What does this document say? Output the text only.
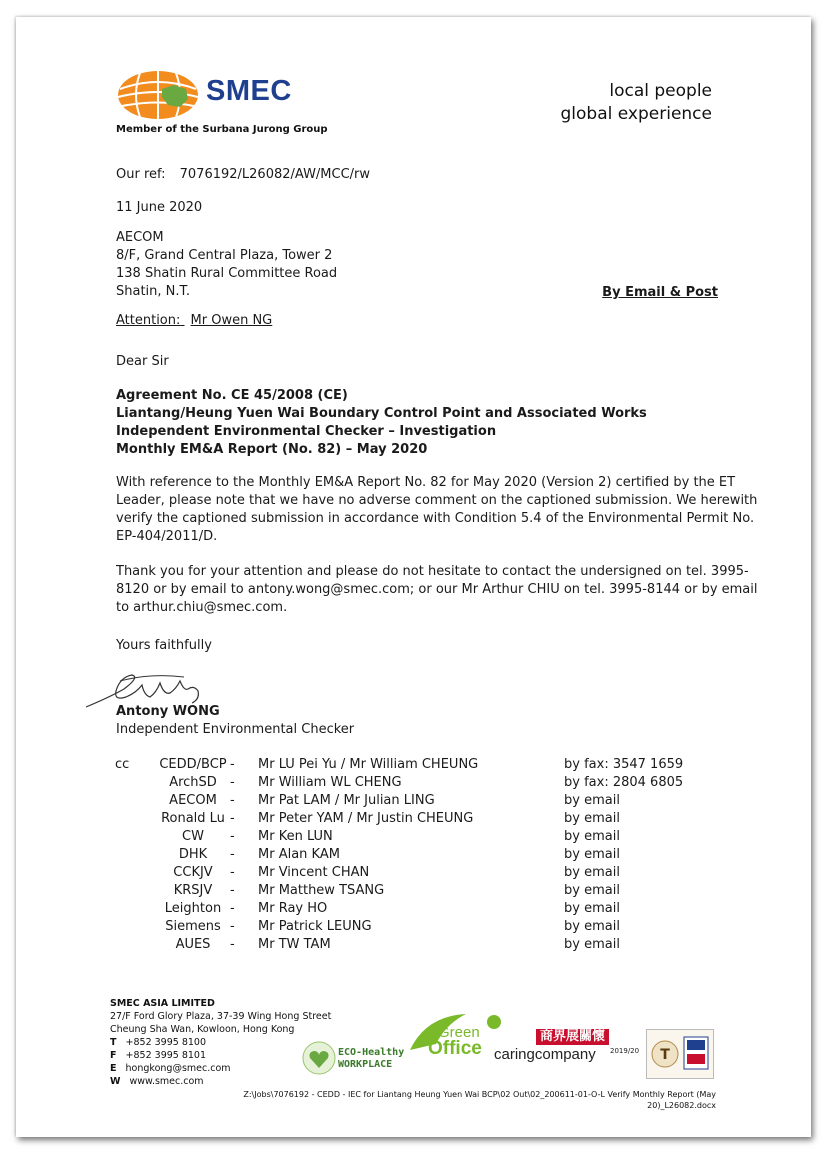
SMEC
Member of the Surbana Jurong Group
local people
global experience
Our ref: 7076192/L26082/AW/MCC/rw
11 June 2020
AECOM
8/F, Grand Central Plaza, Tower 2
138 Shatin Rural Committee Road
Shatin, N.T.	By Email & Post
Attention: Mr Owen NG
Dear Sir
Agreement No. CE 45/2008 (CE)
Liantang/Heung Yuen Wai Boundary Control Point and Associated Works
Independent Environmental Checker – Investigation
Monthly EM&A Report (No. 82) – May 2020
With reference to the Monthly EM&A Report No. 82 for May 2020 (Version 2) certified by the ET
Leader, please note that we have no adverse comment on the captioned submission. We herewith
verify the captioned submission in accordance with Condition 5.4 of the Environmental Permit No.
EP-404/2011/D.
Thank you for your attention and please do not hesitate to contact the undersigned on tel. 3995-
8120 or by email to antony.wong@smec.com; or our Mr Arthur CHIU on tel. 3995-8144 or by email
to arthur.chiu@smec.com.
Yours faithfully
Antony WONG
Independent Environmental Checker
cc	CEDD/BCP - Mr LU Pei Yu / Mr William CHEUNG	by fax: 3547 1659
ArchSD	- Mr William WL CHENG	by fax: 2804 6805
AECOM	- Mr Pat LAM / Mr Julian LING	by email
Ronald Lu - Mr Peter YAM / Mr Justin CHEUNG	by email
CW	- Mr Ken LUN	by email
DHK	- Mr Alan KAM	by email
CCKJV	- Mr Vincent CHAN	by email
KRSJV	- Mr Matthew TSANG	by email
Leighton - Mr Ray HO	by email
Siemens - Mr Patrick LEUNG	by email
AUES	- Mr TW TAM	by email
SMEC ASIA LIMITED
27/F Ford Glory Plaza, 37-39 Wing Hong Street
Cheung Sha Wan, Kowloon, Hong Kong
T +852 3995 8100
F +852 3995 8101
E hongkong@smec.com
W www.smec.com
ECO-Healthy
WORKPLACE
Green
Office
商界展關懷
caringcompany 2019/20 T
Z:\Jobs\7076192 - CEDD - IEC for Liantang Heung Yuen Wai BCP\02 Out\02_200611-01-O-L Verify Monthly Report (May
20)_L26082.docx
